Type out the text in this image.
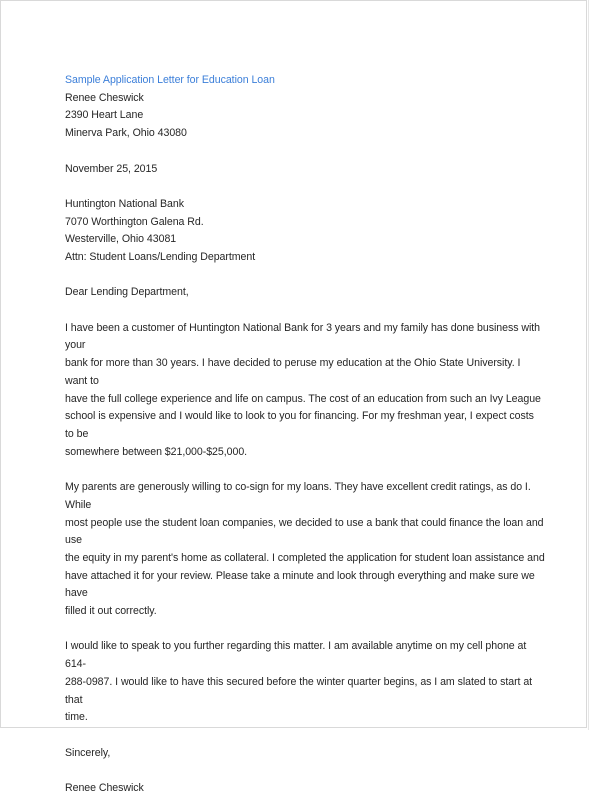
Sample Application Letter for Education Loan

Renee Cheswick

2390 Heart Lane

Minerva Park, Ohio 43080

November 25, 2015

Huntington National Bank

7070 Worthington Galena Rd.

Westerville, Ohio 43081

Attn: Student Loans/Lending Department

Dear Lending Department,

I have been a customer of Huntington National Bank for 3 years and my family has done business with your

bank for more than 30 years. I have decided to peruse my education at the Ohio State University. I want to

have the full college experience and life on campus. The cost of an education from such an Ivy League

school is expensive and I would like to look to you for financing. For my freshman year, I expect costs to be

somewhere between $21,000-$25,000.

My parents are generously willing to co-sign for my loans. They have excellent credit ratings, as do I. While

most people use the student loan companies, we decided to use a bank that could finance the loan and use

the equity in my parent's home as collateral. I completed the application for student loan assistance and

have attached it for your review. Please take a minute and look through everything and make sure we have

filled it out correctly.

I would like to speak to you further regarding this matter. I am available anytime on my cell phone at 614-

288-0987. I would like to have this secured before the winter quarter begins, as I am slated to start at that

time.

Sincerely,

Renee Cheswick
